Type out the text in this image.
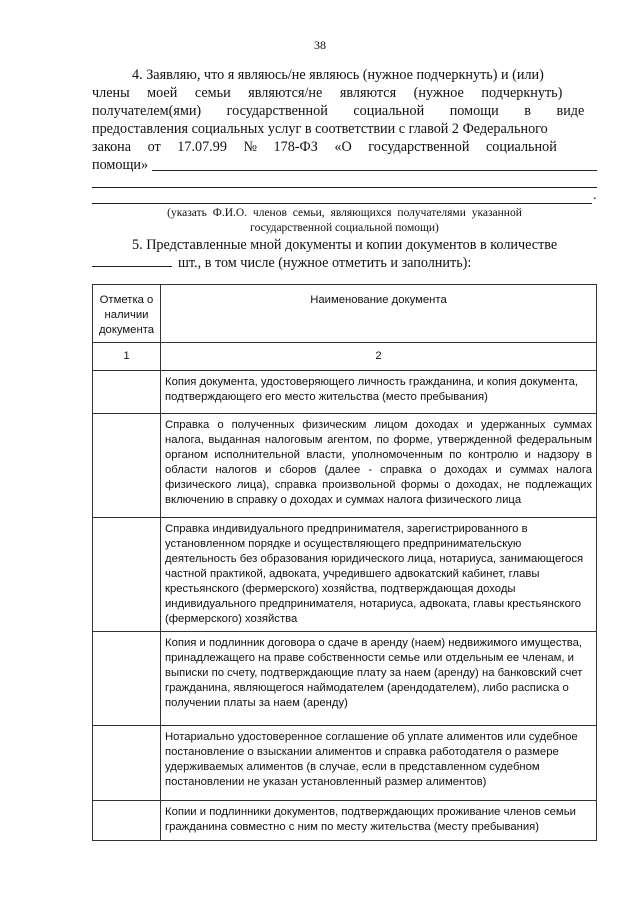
38
4. Заявляю, что я являюсь/не являюсь (нужное подчеркнуть) и (или)
члены моей семьи являются/не являются (нужное подчеркнуть)
получателем(ями) государственной социальной помощи в виде
предоставления социальных услуг в соответствии с главой 2 Федерального
закона от 17.07.99 № 178-ФЗ «О государственной социальной
помощи»
.
(указать Ф.И.О. членов семьи, являющихся получателями указанной
государственной социальной помощи)
5. Представленные мной документы и копии документов в количестве
шт., в том числе (нужное отметить и заполнить):
Отметка о наличии документа	Наименование документа
1	2

	Копия документа, удостоверяющего личность гражданина, и копия документа, подтверждающего его место жительства (место пребывания)

	Справка о полученных физическим лицом доходах и удержанных суммах налога, выданная налоговым агентом, по форме, утвержденной федеральным органом исполнительной власти, уполномоченным по контролю и надзору в области налогов и сборов (далее - справка о доходах и суммах налога физического лица), справка произвольной формы о доходах, не подлежащих включению в справку о доходах и суммах налога физического лица

	Справка индивидуального предпринимателя, зарегистрированного в установленном порядке и осуществляющего предпринимательскую деятельность без образования юридического лица, нотариуса, занимающегося частной практикой, адвоката, учредившего адвокатский кабинет, главы крестьянского (фермерского) хозяйства, подтверждающая доходы индивидуального предпринимателя, нотариуса, адвоката, главы крестьянского (фермерского) хозяйства

	Копия и подлинник договора о сдаче в аренду (наем) недвижимого имущества, принадлежащего на праве собственности семье или отдельным ее членам, и выписки по счету, подтверждающие плату за наем (аренду) на банковский счет гражданина, являющегося наймодателем (арендодателем), либо расписка о получении платы за наем (аренду)

	Нотариально удостоверенное соглашение об уплате алиментов или судебное постановление о взыскании алиментов и справка работодателя о размере удерживаемых алиментов (в случае, если в представленном судебном постановлении не указан установленный размер алиментов)

	Копии и подлинники документов, подтверждающих проживание членов семьи гражданина совместно с ним по месту жительства (месту пребывания)
